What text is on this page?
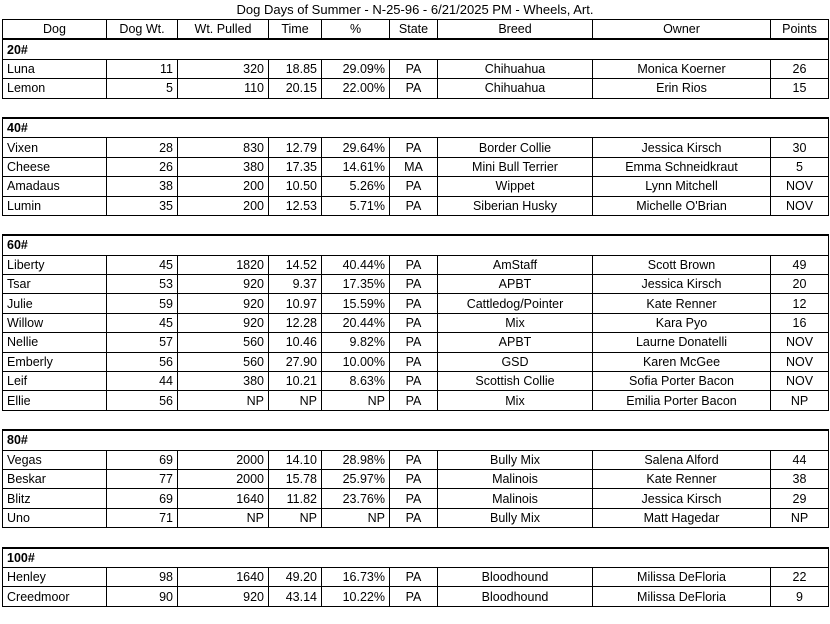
Dog Days of Summer - N-25-96 - 6/21/2025 PM - Wheels, Art.
Dog	Dog Wt.	Wt. Pulled	Time	%	State	Breed	Owner	Points
20#								
Luna	11	320	18.85	29.09%	PA	Chihuahua	Monica Koerner	26
Lemon	5	110	20.15	22.00%	PA	Chihuahua	Erin Rios	15

40#								
Vixen	28	830	12.79	29.64%	PA	Border Collie	Jessica Kirsch	30
Cheese	26	380	17.35	14.61%	MA	Mini Bull Terrier	Emma Schneidkraut	5
Amadaus	38	200	10.50	5.26%	PA	Wippet	Lynn Mitchell	NOV
Lumin	35	200	12.53	5.71%	PA	Siberian Husky	Michelle O'Brian	NOV

60#								
Liberty	45	1820	14.52	40.44%	PA	AmStaff	Scott Brown	49
Tsar	53	920	9.37	17.35%	PA	APBT	Jessica Kirsch	20
Julie	59	920	10.97	15.59%	PA	Cattledog/Pointer	Kate Renner	12
Willow	45	920	12.28	20.44%	PA	Mix	Kara Pyo	16
Nellie	57	560	10.46	9.82%	PA	APBT	Laurne Donatelli	NOV
Emberly	56	560	27.90	10.00%	PA	GSD	Karen McGee	NOV
Leif	44	380	10.21	8.63%	PA	Scottish Collie	Sofia Porter Bacon	NOV
Ellie	56	NP	NP	NP	PA	Mix	Emilia Porter Bacon	NP

80#								
Vegas	69	2000	14.10	28.98%	PA	Bully Mix	Salena Alford	44
Beskar	77	2000	15.78	25.97%	PA	Malinois	Kate Renner	38
Blitz	69	1640	11.82	23.76%	PA	Malinois	Jessica Kirsch	29
Uno	71	NP	NP	NP	PA	Bully Mix	Matt Hagedar	NP

100#								
Henley	98	1640	49.20	16.73%	PA	Bloodhound	Milissa DeFloria	22
Creedmoor	90	920	43.14	10.22%	PA	Bloodhound	Milissa DeFloria	9
